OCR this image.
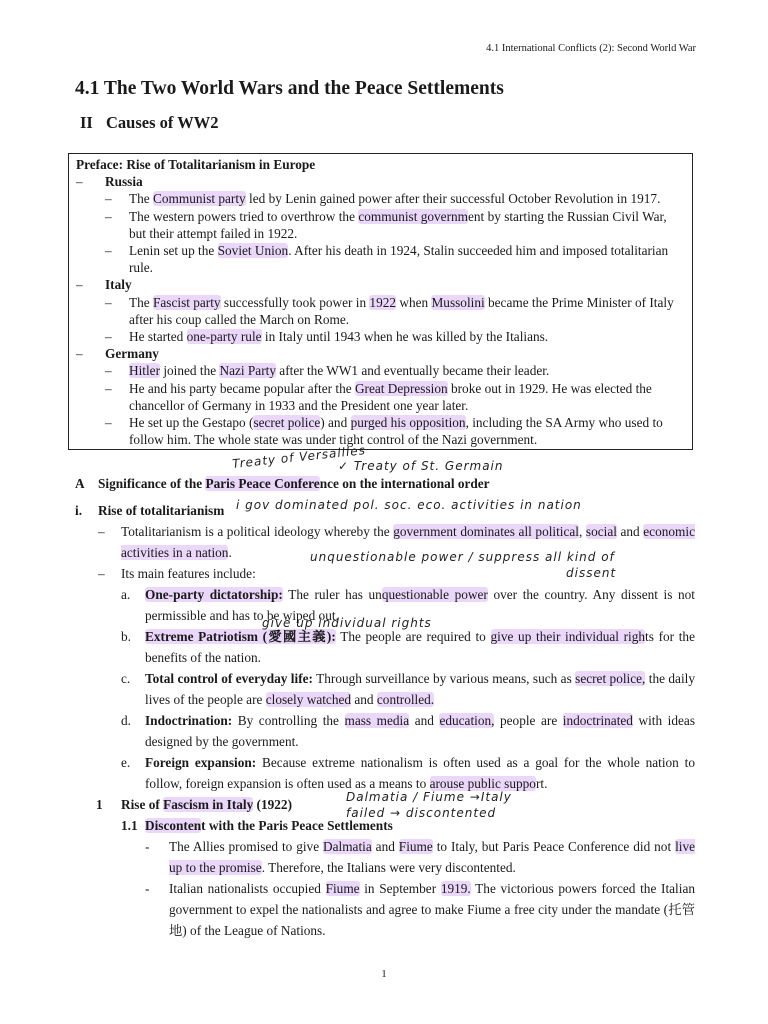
4.1 International Conflicts (2): Second World War
4.1 The Two World Wars and the Peace Settlements
II Causes of WW2
Preface: Rise of Totalitarianism in Europe
– Russia
– The Communist party led by Lenin gained power after their successful October Revolution in 1917.
– The western powers tried to overthrow the communist government by starting the Russian Civil War, but their attempt failed in 1922.
– Lenin set up the Soviet Union. After his death in 1924, Stalin succeeded him and imposed totalitarian rule.
– Italy
– The Fascist party successfully took power in 1922 when Mussolini became the Prime Minister of Italy after his coup called the March on Rome.
– He started one-party rule in Italy until 1943 when he was killed by the Italians.
– Germany
– Hitler joined the Nazi Party after the WW1 and eventually became their leader.
– He and his party became popular after the Great Depression broke out in 1929. He was elected the chancellor of Germany in 1933 and the President one year later.
– He set up the Gestapo (secret police) and purged his opposition, including the SA Army who used to follow him. The whole state was under tight control of the Nazi government.
A Significance of the Paris Peace Conference on the international order
i. Rise of totalitarianism
– Totalitarianism is a political ideology whereby the government dominates all political, social and economic activities in a nation.
– Its main features include:
a. One-party dictatorship: The ruler has unquestionable power over the country. Any dissent is not permissible and has to be wiped out.
b. Extreme Patriotism (愛國主義): The people are required to give up their individual rights for the benefits of the nation.
c. Total control of everyday life: Through surveillance by various means, such as secret police, the daily lives of the people are closely watched and controlled.
d. Indoctrination: By controlling the mass media and education, people are indoctrinated with ideas designed by the government.
e. Foreign expansion: Because extreme nationalism is often used as a goal for the whole nation to follow, foreign expansion is often used as a means to arouse public support.
1 Rise of Fascism in Italy (1922)
1.1 Discontent with the Paris Peace Settlements
- The Allies promised to give Dalmatia and Fiume to Italy, but Paris Peace Conference did not live up to the promise. Therefore, the Italians were very discontented.
- Italian nationalists occupied Fiume in September 1919. The victorious powers forced the Italian government to expel the nationalists and agree to make Fiume a free city under the mandate (托管地) of the League of Nations.
Treaty of Versailles
✓ Treaty of St. Germain
i gov dominated pol. soc. eco. activities in nation
unquestionable power / suppress all kind of
dissent
give up individual rights
Dalmatia / Fiume →Italy
failed → discontented
1
